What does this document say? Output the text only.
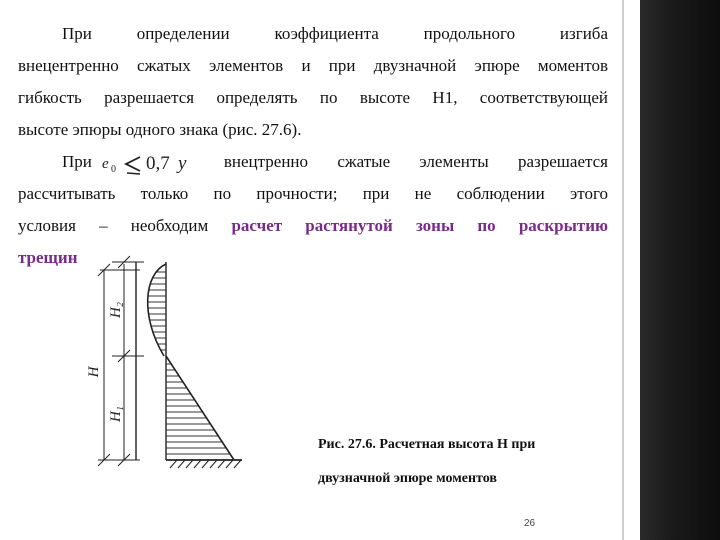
При определении коэффициента продольного изгиба
внецентренно сжатых элементов и при двузначной эпюре моментов
гибкость разрешается определять по высоте Н1, соответствующей
высоте эпюры одного знака (рис. 27.6).
При e 0 0,7 y внецтренно сжатые элементы разрешается
рассчитывать только по прочности; при не соблюдении этого
условия – необходим расчет растянутой зоны по раскрытию
трещин
H₂
H₁
H
Рис. 27.6. Расчетная высота Н при
двузначной эпюре моментов
26
